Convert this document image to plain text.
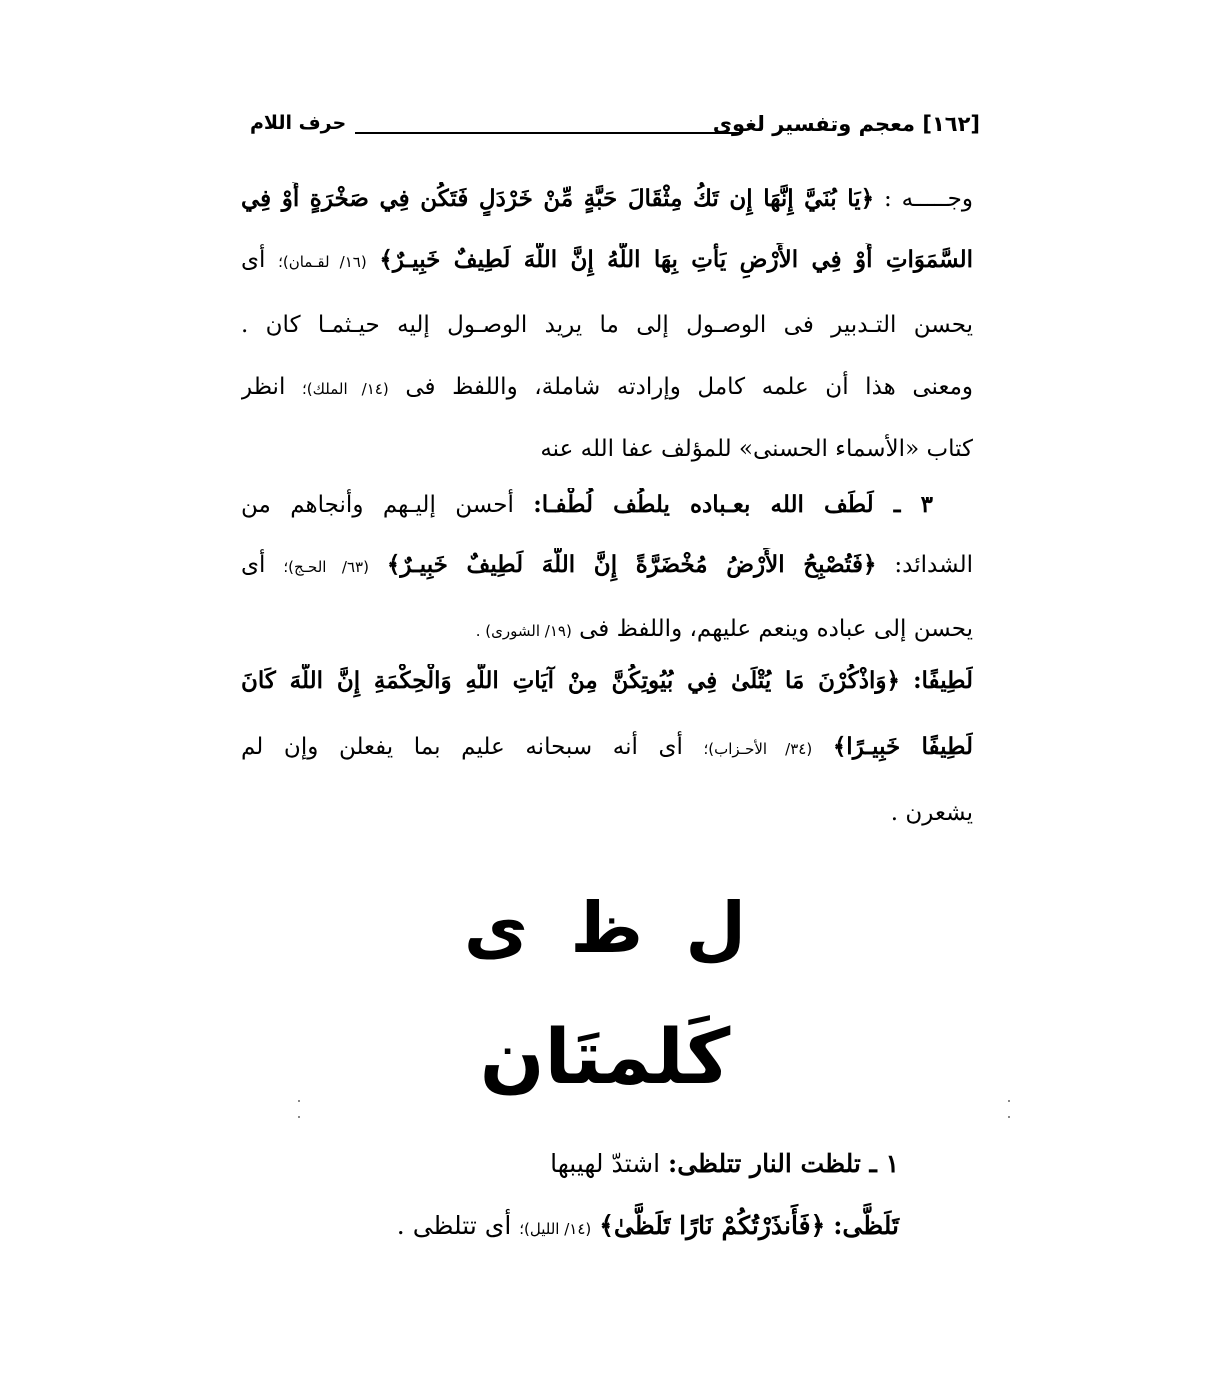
[١٦٢] معجم وتفسير لغوى
حرف اللام
وجـــــه : ﴿يَا بُنَيَّ إِنَّهَا إِن تَكُ مِثْقَالَ حَبَّةٍ مِّنْ خَرْدَلٍ فَتَكُن فِي صَخْرَةٍ أَوْ فِي
السَّمَوَاتِ أَوْ فِي الأَرْضِ يَأْتِ بِهَا اللَّهُ إِنَّ اللَّهَ لَطِيفٌ خَبِيـرٌ﴾ (١٦/ لقـمان)؛ أى
يحسن التـدبير فى الوصـول إلى ما يريد الوصـول إليه حيـثمـا كان .
ومعنى هذا أن علمه كامل وإرادته شاملة، واللفظ فى (١٤/ الملك)؛ انظر
كتاب «الأسماء الحسنى» للمؤلف عفا الله عنه
٣ ـ لَطَف الله بعـباده يلطُف لُطْفـا: أحسن إليـهم وأنجاهم من
الشدائد: ﴿فَتُصْبِحُ الأَرْضُ مُخْضَرَّةً إِنَّ اللَّهَ لَطِيفٌ خَبِيـرٌ﴾ (٦٣/ الحـج)؛ أى
يحسن إلى عباده وينعم عليهم، واللفظ فى (١٩/ الشورى) .
لَطِيفًا: ﴿وَاذْكُرْنَ مَا يُتْلَىٰ فِي بُيُوتِكُنَّ مِنْ آيَاتِ اللَّهِ وَالْحِكْمَةِ إِنَّ اللَّهَ كَانَ
لَطِيفًا خَبِيـرًا﴾ (٣٤/ الأحـزاب)؛ أى أنه سبحانه عليم بما يفعلن وإن لم
يشعرن .
ل ظ ى
كَلمتَان
١ ـ تلظت النار تتلظى: اشتدّ لهيبها
تَلَظَّى: ﴿فَأَنذَرْتُكُمْ نَارًا تَلَظَّىٰ﴾ (١٤/ الليل)؛ أى تتلظى .
